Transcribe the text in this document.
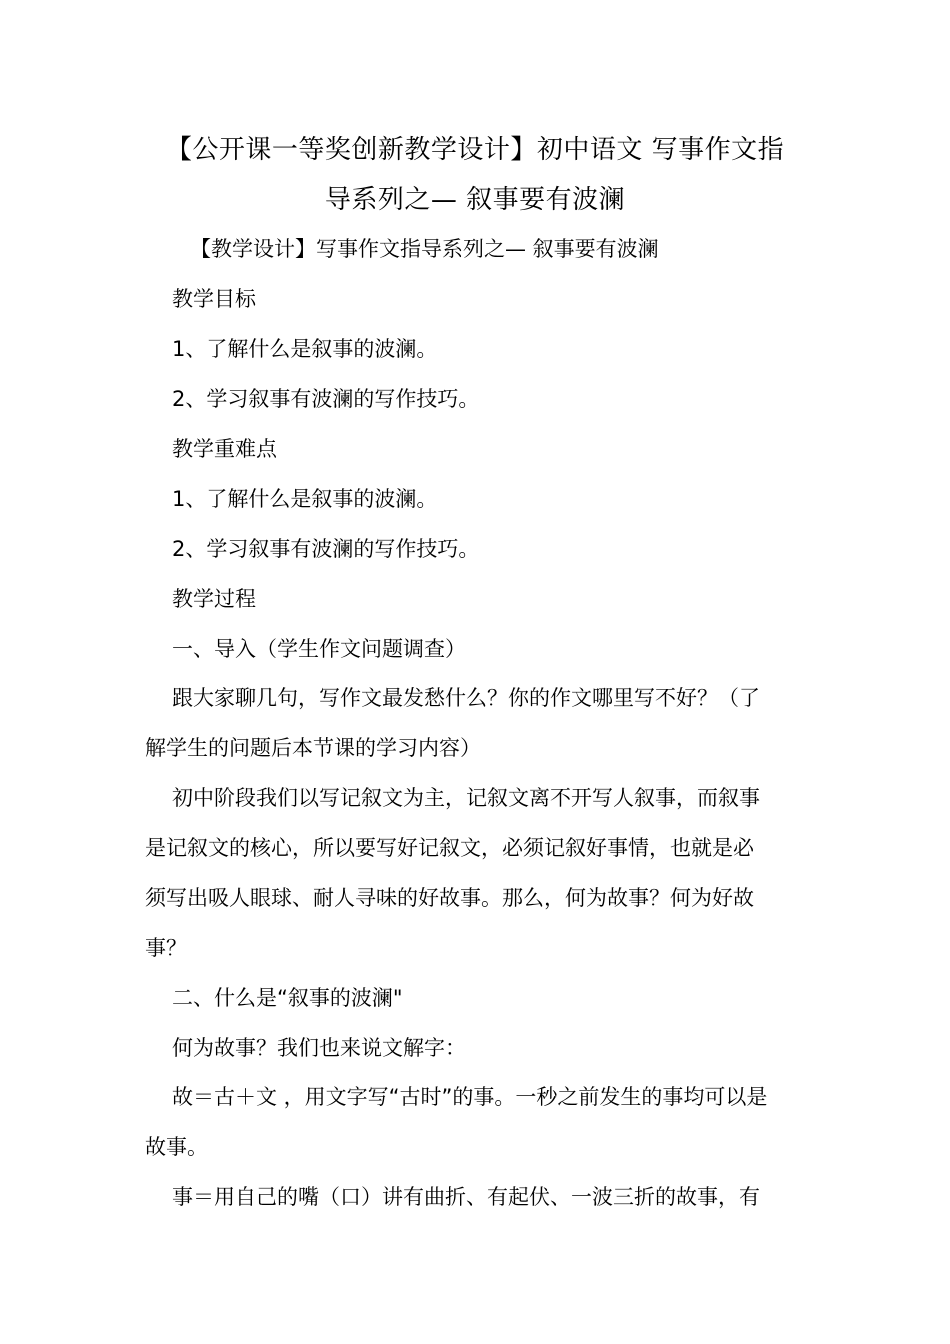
【公开课一等奖创新教学设计】初中语文 写事作文指
导系列之— 叙事要有波澜
【教学设计】写事作文指导系列之— 叙事要有波澜
教学目标
1、了解什么是叙事的波澜。
2、学习叙事有波澜的写作技巧。
教学重难点
1、了解什么是叙事的波澜。
2、学习叙事有波澜的写作技巧。
教学过程
一、导入（学生作文问题调查）
跟大家聊几句，写作文最发愁什么？你的作文哪里写不好？（了
解学生的问题后本节课的学习内容）
初中阶段我们以写记叙文为主，记叙文离不开写人叙事，而叙事
是记叙文的核心，所以要写好记叙文，必须记叙好事情，也就是必
须写出吸人眼球、耐人寻味的好故事。那么，何为故事？何为好故
事？
二、什么是“叙事的波澜"
何为故事？我们也来说文解字：
故＝古＋文 ，用文字写“古时”的事。一秒之前发生的事均可以是
故事。
事＝用自己的嘴（口）讲有曲折、有起伏、一波三折的故事，有
